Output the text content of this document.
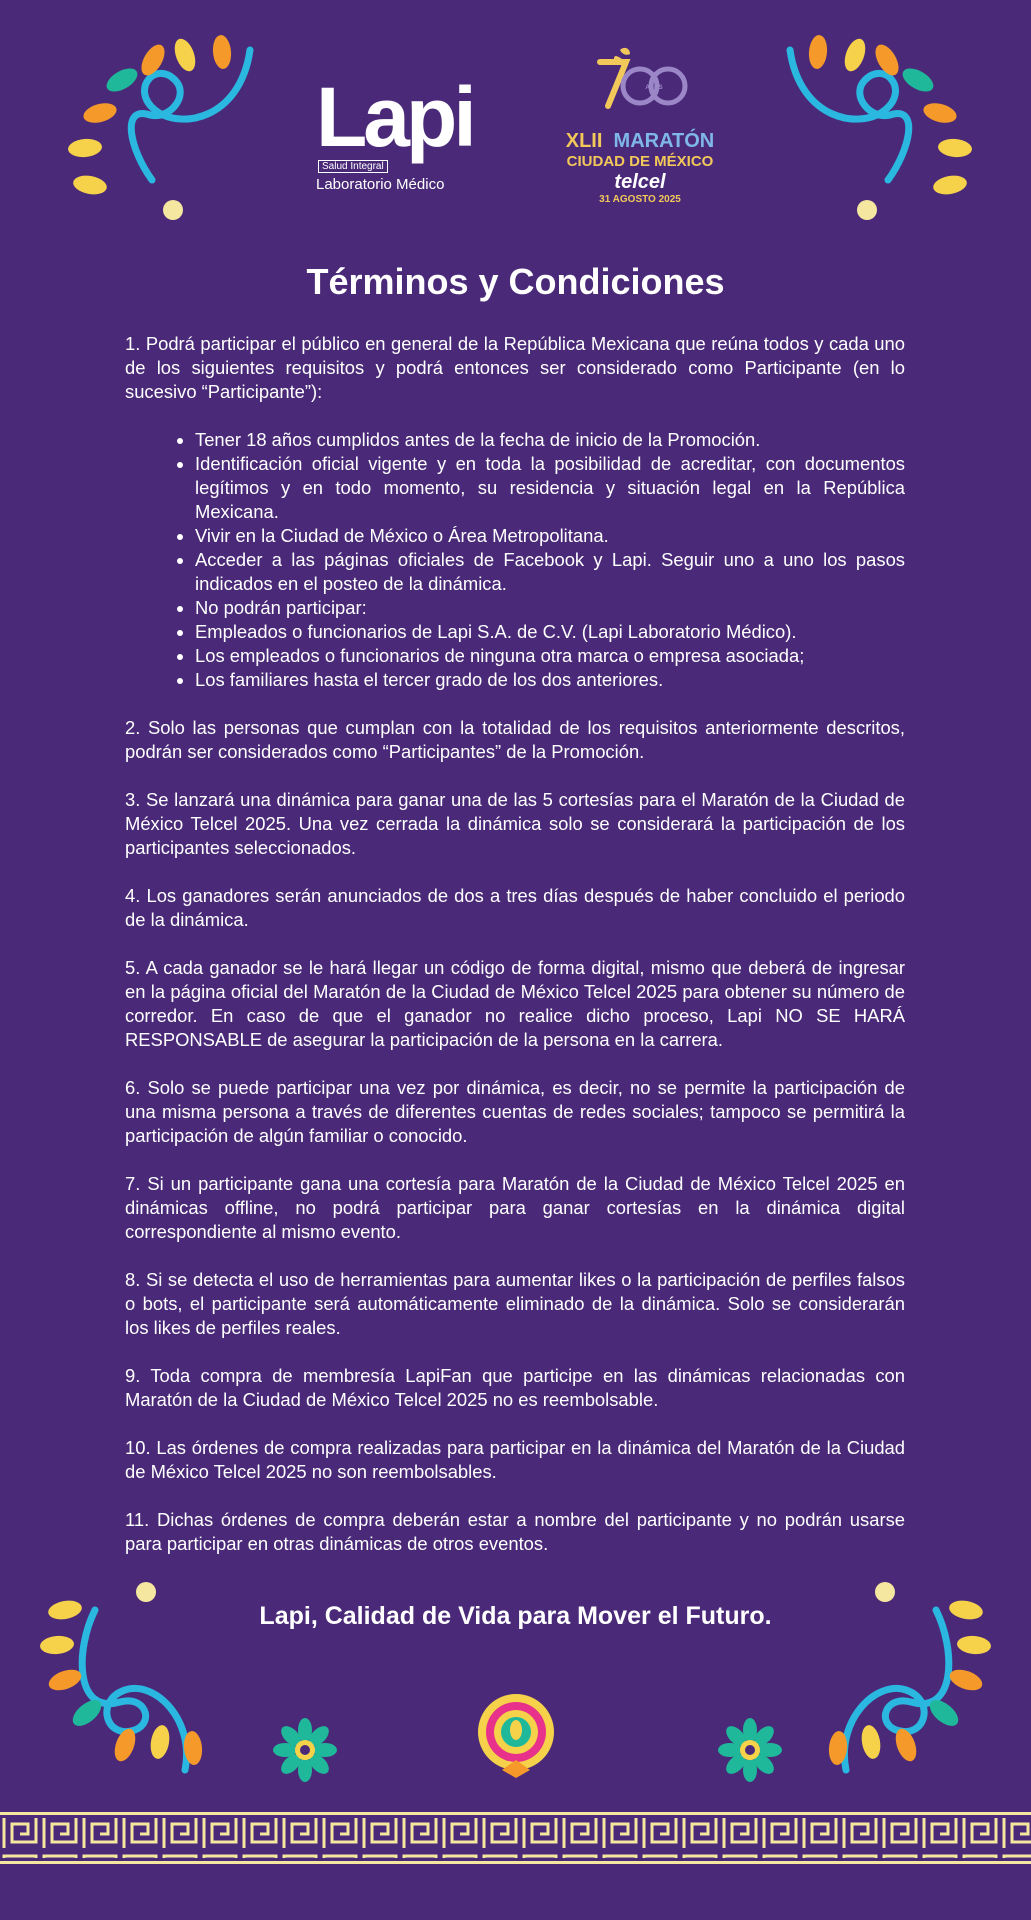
Lapi
Salud Integral
Laboratorio Médico
AÑOS
XLII MARATÓN
CIUDAD DE MÉXICO
telcel
31 AGOSTO 2025
Términos y Condiciones

1. Podrá participar el público en general de la República Mexicana que reúna todos y cada uno de los siguientes requisitos y podrá entonces ser considerado como Participante (en lo sucesivo “Participante”):

• Tener 18 años cumplidos antes de la fecha de inicio de la Promoción.
• Identificación oficial vigente y en toda la posibilidad de acreditar, con documentos legítimos y en todo momento, su residencia y situación legal en la República Mexicana.
• Vivir en la Ciudad de México o Área Metropolitana.
• Acceder a las páginas oficiales de Facebook y Lapi. Seguir uno a uno los pasos indicados en el posteo de la dinámica.
• No podrán participar:
• Empleados o funcionarios de Lapi S.A. de C.V. (Lapi Laboratorio Médico).
• Los empleados o funcionarios de ninguna otra marca o empresa asociada;
• Los familiares hasta el tercer grado de los dos anteriores.

2. Solo las personas que cumplan con la totalidad de los requisitos anteriormente descritos, podrán ser considerados como “Participantes” de la Promoción.

3. Se lanzará una dinámica para ganar una de las 5 cortesías para el Maratón de la Ciudad de México Telcel 2025. Una vez cerrada la dinámica solo se considerará la participación de los participantes seleccionados.

4. Los ganadores serán anunciados de dos a tres días después de haber concluido el periodo de la dinámica.

5. A cada ganador se le hará llegar un código de forma digital, mismo que deberá de ingresar en la página oficial del Maratón de la Ciudad de México Telcel 2025 para obtener su número de corredor. En caso de que el ganador no realice dicho proceso, Lapi NO SE HARÁ RESPONSABLE de asegurar la participación de la persona en la carrera.

6. Solo se puede participar una vez por dinámica, es decir, no se permite la participación de una misma persona a través de diferentes cuentas de redes sociales; tampoco se permitirá la participación de algún familiar o conocido.

7. Si un participante gana una cortesía para Maratón de la Ciudad de México Telcel 2025 en dinámicas offline, no podrá participar para ganar cortesías en la dinámica digital correspondiente al mismo evento.

8. Si se detecta el uso de herramientas para aumentar likes o la participación de perfiles falsos o bots, el participante será automáticamente eliminado de la dinámica. Solo se considerarán los likes de perfiles reales.

9. Toda compra de membresía LapiFan que participe en las dinámicas relacionadas con Maratón de la Ciudad de México Telcel 2025 no es reembolsable.

10. Las órdenes de compra realizadas para participar en la dinámica del Maratón de la Ciudad de México Telcel 2025 no son reembolsables.

11. Dichas órdenes de compra deberán estar a nombre del participante y no podrán usarse para participar en otras dinámicas de otros eventos.

Lapi, Calidad de Vida para Mover el Futuro.
